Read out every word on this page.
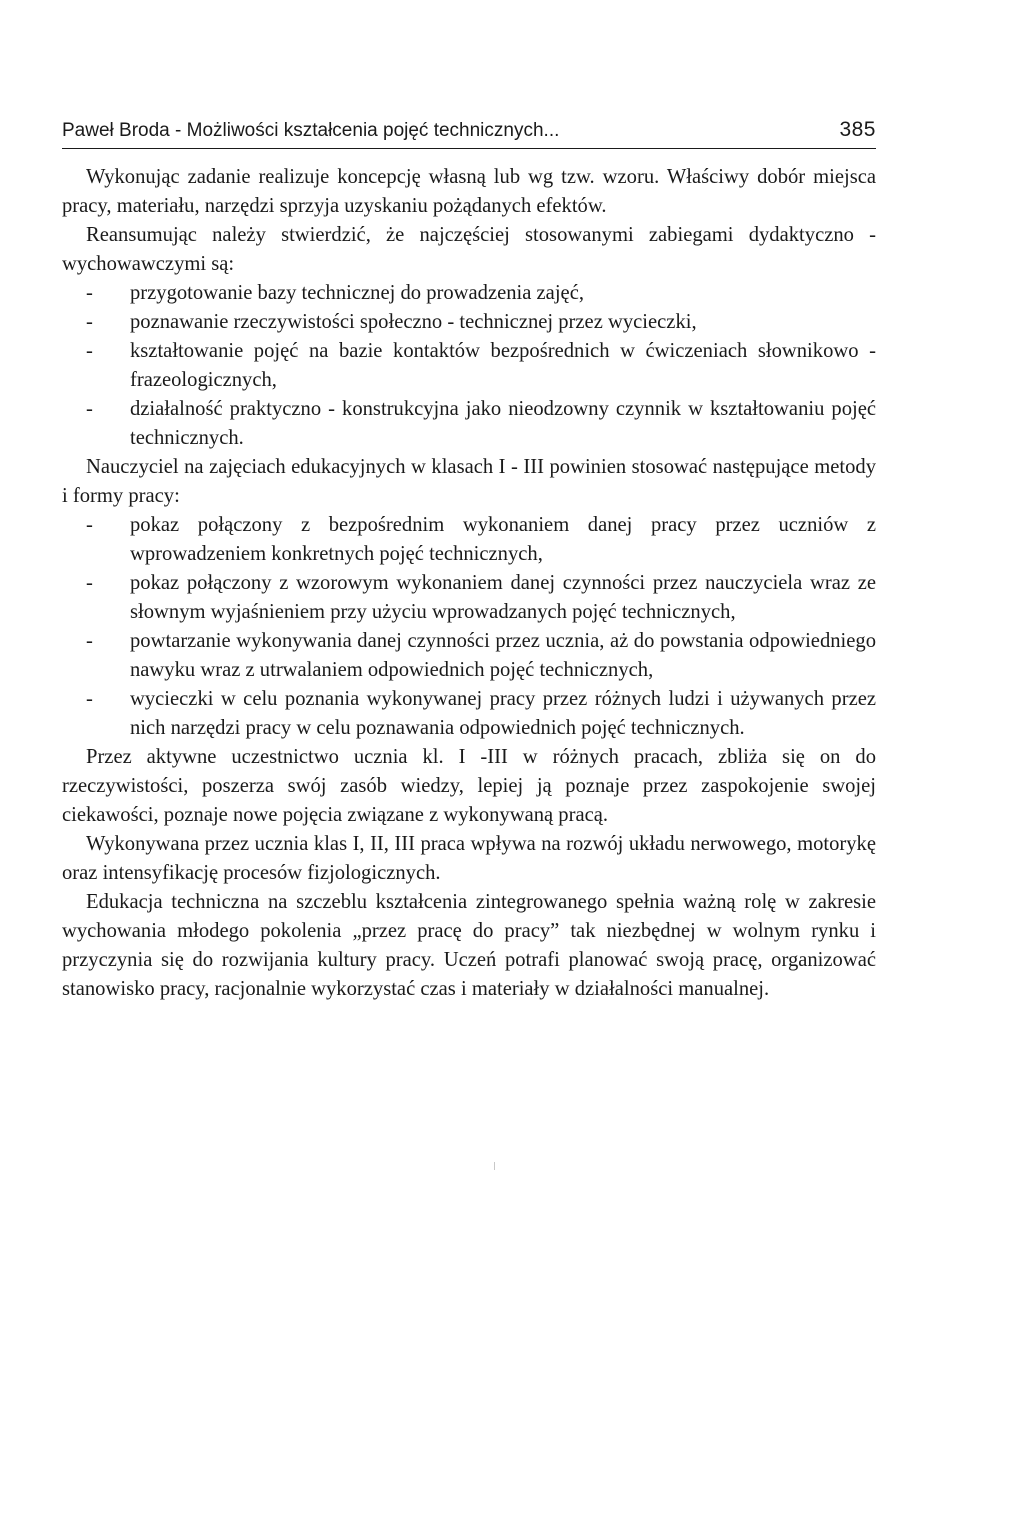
Paweł Broda - Możliwości kształcenia pojęć technicznych...	385

Wykonując zadanie realizuje koncepcję własną lub wg tzw. wzoru. Właściwy dobór miejsca pracy, materiału, narzędzi sprzyja uzyskaniu pożądanych efektów.

Reansumując należy stwierdzić, że najczęściej stosowanymi zabiegami dydaktyczno - wychowawczymi są:

- przygotowanie bazy technicznej do prowadzenia zajęć,
- poznawanie rzeczywistości społeczno - technicznej przez wycieczki,
- kształtowanie pojęć na bazie kontaktów bezpośrednich w ćwiczeniach słownikowo - frazeologicznych,
- działalność praktyczno - konstrukcyjna jako nieodzowny czynnik w kształtowaniu pojęć technicznych.

Nauczyciel na zajęciach edukacyjnych w klasach I - III powinien stosować następujące metody i formy pracy:

- pokaz połączony z bezpośrednim wykonaniem danej pracy przez uczniów z wprowadzeniem konkretnych pojęć technicznych,
- pokaz połączony z wzorowym wykonaniem danej czynności przez nauczyciela wraz ze słownym wyjaśnieniem przy użyciu wprowadzanych pojęć technicznych,
- powtarzanie wykonywania danej czynności przez ucznia, aż do powstania odpowiedniego nawyku wraz z utrwalaniem odpowiednich pojęć technicznych,
- wycieczki w celu poznania wykonywanej pracy przez różnych ludzi i używanych przez nich narzędzi pracy w celu poznawania odpowiednich pojęć technicznych.

Przez aktywne uczestnictwo ucznia kl. I -III w różnych pracach, zbliża się on do rzeczywistości, poszerza swój zasób wiedzy, lepiej ją poznaje przez zaspokojenie swojej ciekawości, poznaje nowe pojęcia związane z wykonywaną pracą.

Wykonywana przez ucznia klas I, II, III praca wpływa na rozwój układu nerwowego, motorykę oraz intensyfikację procesów fizjologicznych.

Edukacja techniczna na szczeblu kształcenia zintegrowanego spełnia ważną rolę w zakresie wychowania młodego pokolenia „przez pracę do pracy” tak niezbędnej w wolnym rynku i przyczynia się do rozwijania kultury pracy. Uczeń potrafi planować swoją pracę, organizować stanowisko pracy, racjonalnie wykorzystać czas i materiały w działalności manualnej.
